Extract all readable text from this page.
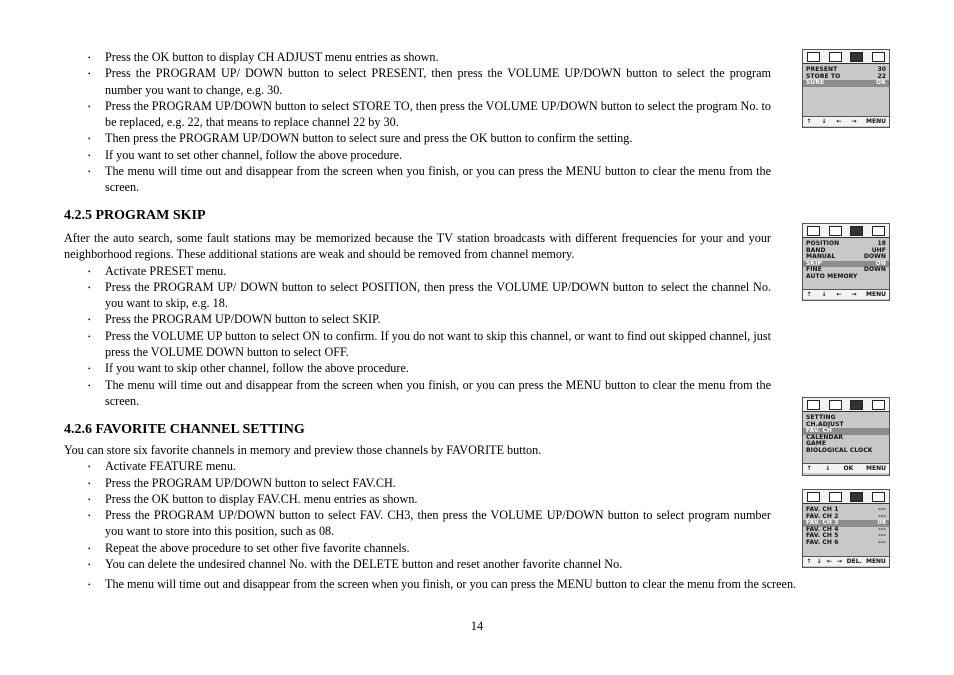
• Press the OK button to display CH ADJUST menu entries as shown.
• Press the PROGRAM UP/ DOWN button to select PRESENT, then press the VOLUME UP/DOWN button to select the program number you want to change, e.g. 30.
• Press the PROGRAM UP/DOWN button to select STORE TO, then press the VOLUME UP/DOWN button to select the program No. to be replaced, e.g. 22, that means to replace channel 22 by 30.
• Then press the PROGRAM UP/DOWN button to select sure and press the OK button to confirm the setting.
• If you want to set other channel, follow the above procedure.
• The menu will time out and disappear from the screen when you finish, or you can press the MENU button to clear the menu from the screen.
4.2.5 PROGRAM SKIP
After the auto search, some fault stations may be memorized because the TV station broadcasts with different frequencies for your and your neighborhood regions. These additional stations are weak and should be removed from channel memory.
• Activate PRESET menu.
• Press the PROGRAM UP/ DOWN button to select POSITION, then press the VOLUME UP/DOWN button to select the channel No. you want to skip, e.g. 18.
• Press the PROGRAM UP/DOWN button to select SKIP.
• Press the VOLUME UP button to select ON to confirm. If you do not want to skip this channel, or want to find out skipped channel, just press the VOLUME DOWN button to select OFF.
• If you want to skip other channel, follow the above procedure.
• The menu will time out and disappear from the screen when you finish, or you can press the MENU button to clear the menu from the screen.
4.2.6 FAVORITE CHANNEL SETTING
You can store six favorite channels in memory and preview those channels by FAVORITE button.
• Activate FEATURE menu.
• Press the PROGRAM UP/DOWN button to select FAV.CH.
• Press the OK button to display FAV.CH. menu entries as shown.
• Press the PROGRAM UP/DOWN button to select FAV. CH3, then press the VOLUME UP/DOWN button to select program number you want to store into this position, such as 08.
• Repeat the above procedure to set other five favorite channels.
• You can delete the undesired channel No. with the DELETE button and reset another favorite channel No.
• The menu will time out and disappear from the screen when you finish, or you can press the MENU button to clear the menu from the screen.
14
PRESENT	30
STORE TO	22
SURE	OK
↑ ↓ ← → MENU
POSITION	18
BAND	UHF
MANUAL	DOWN
SKIP	ON
FINE	DOWN
AUTO MEMORY
↑ ↓ ← → MENU
SETTING
CH.ADJUST
FAV. CH
CALENDAR
GAME
BIOLOGICAL CLOCK
↑ ↓ OK MENU
FAV. CH 1	---
FAV. CH 2	---
FAV. CH 3	08
FAV. CH 4	---
FAV. CH 5	---
FAV. CH 6	---
↑ ↓ ← → DEL. MENU
